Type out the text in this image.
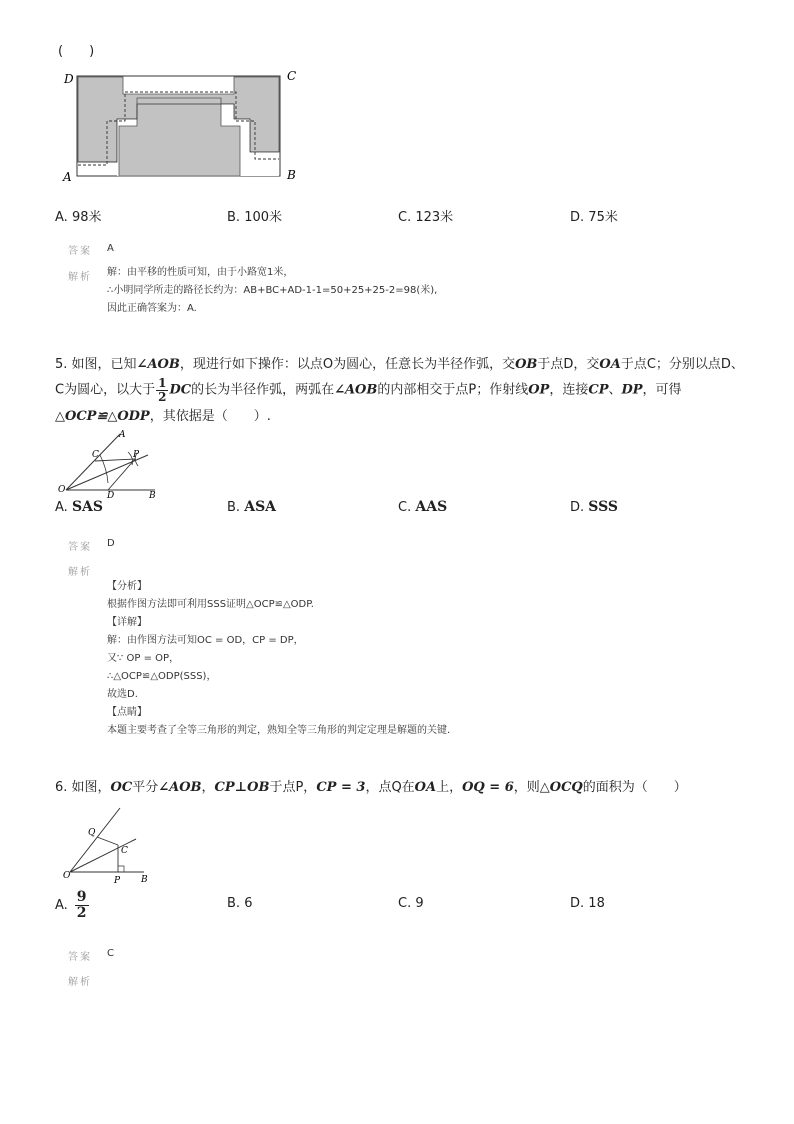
(　　)
D	C
A	B
A. 98米	B. 100米	C. 123米	D. 75米
答案 A
解析 解：由平移的性质可知，由于小路宽1米，
∴小明同学所走的路径长约为：AB+BC+AD-1-1=50+25+25-2=98(米),
因此正确答案为：A.
5. 如图，已知∠AOB，现进行如下操作：以点O为圆心，任意长为半径作弧，交OB于点D，交OA于点C；分别以点D、
C为圆心，以大于 $\frac{1}{2}$ DC的长为半径作弧，两弧在∠AOB的内部相交于点P；作射线OP，连接CP、DP，可得
△OCP≌△ODP，其依据是（　　）.
A
C	P
O
D	B
A. SAS	B. ASA	C. AAS	D. SSS
答案 D
解析
【分析】
根据作图方法即可利用SSS证明△OCP≌△ODP.
【详解】
解：由作图方法可知OC = OD，CP = DP，
又∵ OP = OP，
∴△OCP≌△ODP(SSS)，
故选D.
【点睛】
本题主要考查了全等三角形的判定，熟知全等三角形的判定定理是解题的关键.
6. 如图，OC平分∠AOB，CP⊥OB于点P，CP = 3，点Q在OA上，OQ = 6，则△OCQ的面积为（　　）
Q
C
O	P B
A. $\frac{9}{2}$	B. 6	C. 9	D. 18
答案 C
解析
